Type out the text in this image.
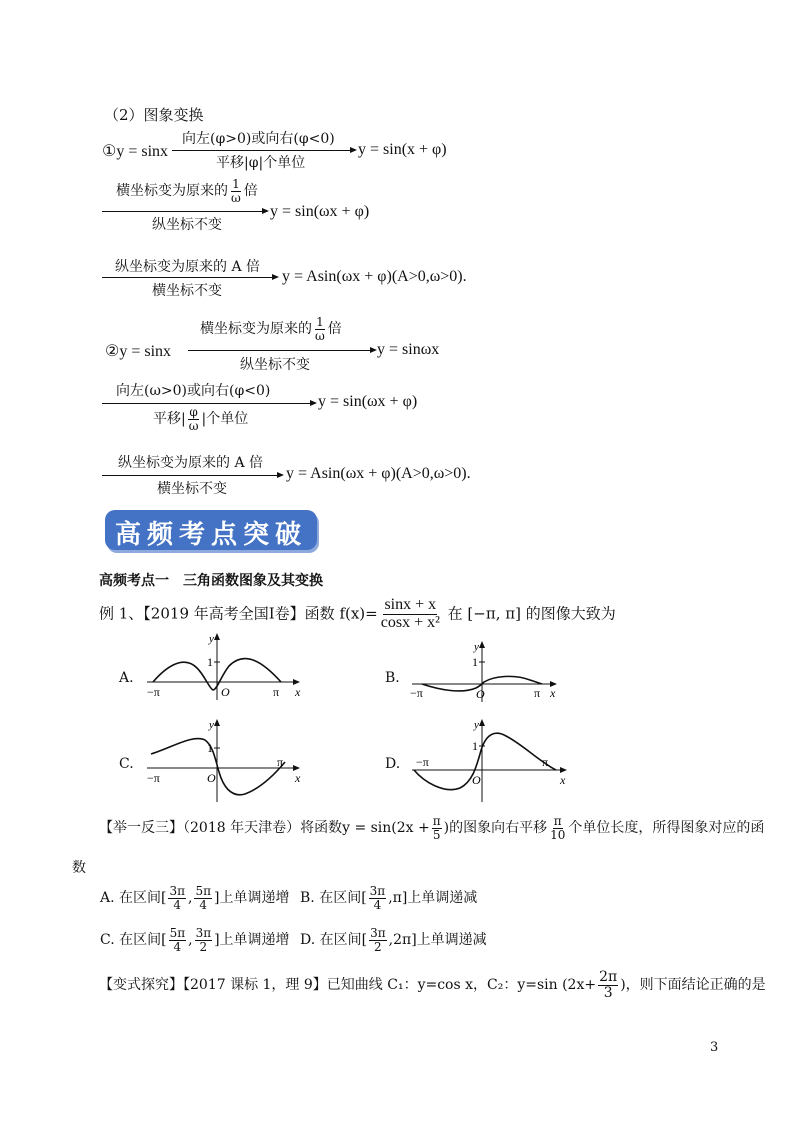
（2）图象变换
①y = sinx
向左(φ>0)或向右(φ<0)
平移|φ|个单位
y = sin(x + φ)
横坐标变为原来的 $\frac{1}{\omega}$ 倍
纵坐标不变
y = sin(ωx + φ)
纵坐标变为原来的 A 倍
横坐标不变
y = Asin(ωx + φ)(A>0,ω>0).
横坐标变为原来的 $\frac{1}{\omega}$ 倍
②y = sinx
纵坐标不变
y = sinωx
向左(ω>0)或向右(φ<0)
平移| $\frac{\varphi}{\omega}$ |个单位
y = sin(ωx + φ)
纵坐标变为原来的 A 倍
横坐标不变
y = Asin(ωx + φ)(A>0,ω>0).
高频考点突破
高频考点一　三角函数图象及其变换
例 1、【2019 年高考全国Ⅰ卷】函数 $f(x)= \frac{\sin x + x}{\text{cosx + x²}}$ 在 [−π, π] 的图像大致为
A.
1
y
x
O
−π	π
B.
1
y
x
O
−π	π
C.
1
y
x
O
−π
π	D.
1
y
x
O
−π	π
【举一反三】（2018 年天津卷）将函数$y = \sin(2x + \frac{\pi}{5}$ )的图象向右平移 $\frac{\pi}{10}$ 个单位长度，所得图象对应的函
数
A. 在区间[ $\frac{3\pi}{4}$ , $\frac{5\pi}{4}$ ]上单调递增 B. 在区间[ $\frac{3\pi}{4} ,\pi$]上单调递减
C. 在区间[ $\frac{5\pi}{4}$ , $\frac{3\pi}{2}$ ]上单调递增 D. 在区间[ $\frac{3\pi}{2} ,2\pi$]上单调递减
【变式探究】【2017 课标 1，理 9】已知曲线 C₁：y=cos x，C₂：y=sin ($2x+ \frac{2\pi}{3}$ )，则下面结论正确的是
3
